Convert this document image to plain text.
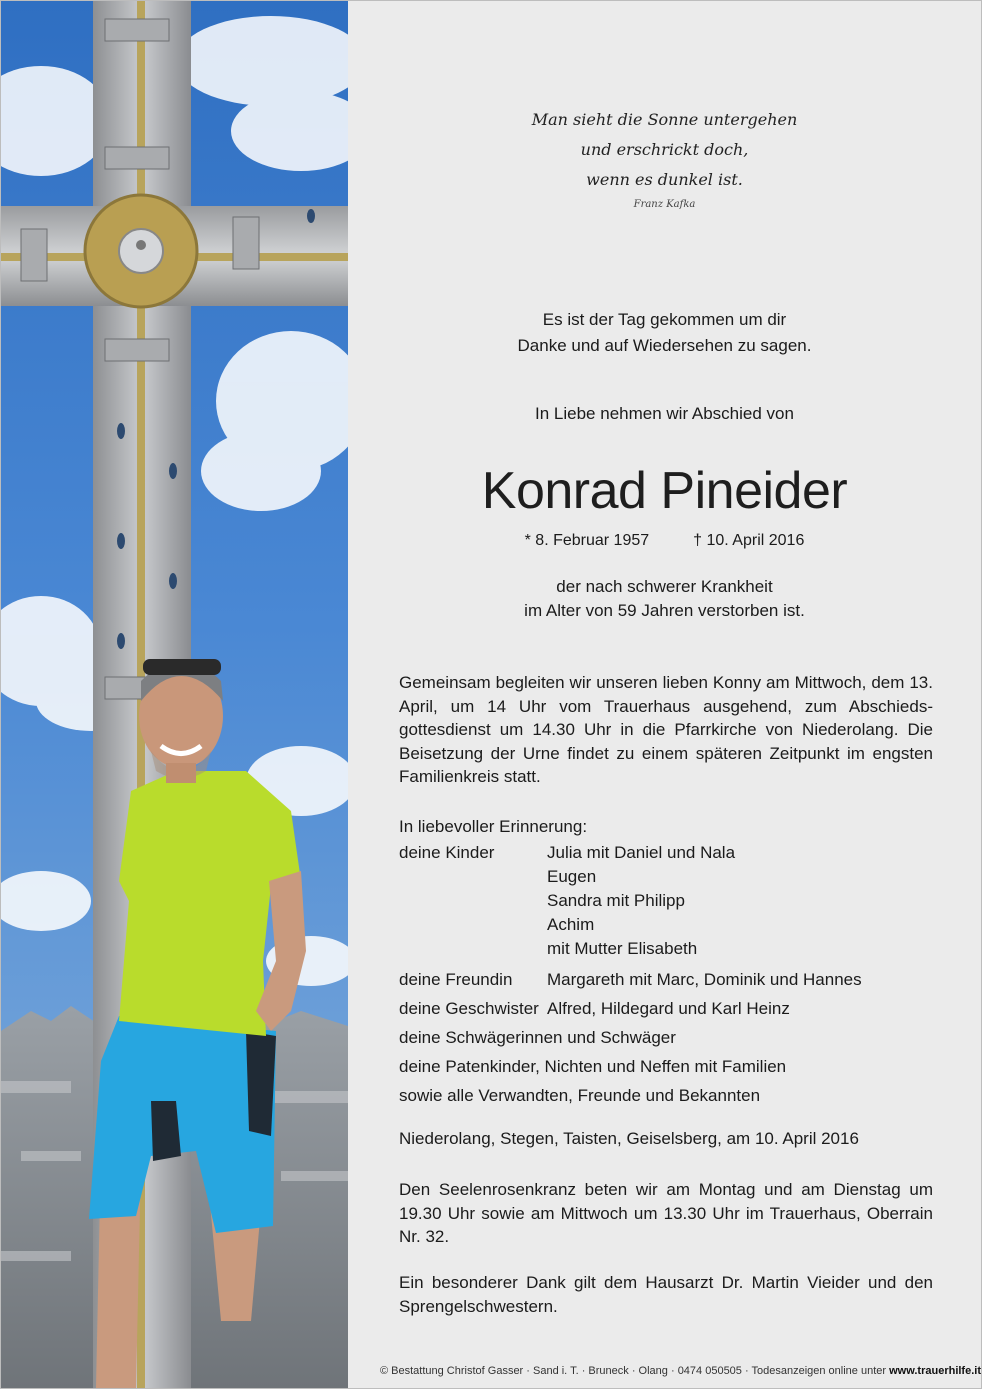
Man sieht die Sonne untergehen
und erschrickt doch,
wenn es dunkel ist.
Franz Kafka
Es ist der Tag gekommen um dir
Danke und auf Wiedersehen zu sagen.
In Liebe nehmen wir Abschied von
Konrad Pineider
* 8. Februar 1957	† 10. April 2016
der nach schwerer Krankheit
im Alter von 59 Jahren verstorben ist.
Gemeinsam begleiten wir unseren lieben Konny am Mittwoch, dem 13. April, um 14 Uhr vom Trauerhaus ausgehend, zum Abschiedsgottesdienst um 14.30 Uhr in die Pfarrkirche von Niederolang. Die Beisetzung der Urne findet zu einem späteren Zeitpunkt im engsten Familienkreis statt.
In liebevoller Erinnerung:
deine Kinder	Julia mit Daniel und Nala
Eugen
Sandra mit Philipp
Achim
mit Mutter Elisabeth
deine Freundin	Margareth mit Marc, Dominik und Hannes
deine Geschwister Alfred, Hildegard und Karl Heinz
deine Schwägerinnen und Schwäger
deine Patenkinder, Nichten und Neffen mit Familien
sowie alle Verwandten, Freunde und Bekannten
Niederolang, Stegen, Taisten, Geiselsberg, am 10. April 2016
Den Seelenrosenkranz beten wir am Montag und am Dienstag um 19.30 Uhr sowie am Mittwoch um 13.30 Uhr im Trauerhaus, Oberrain Nr. 32.
Ein besonderer Dank gilt dem Hausarzt Dr. Martin Vieider und den Sprengelschwestern.
© Bestattung Christof Gasser · Sand i. T. · Bruneck · Olang · 0474 050505 · Todesanzeigen online unter www.trauerhilfe.it
